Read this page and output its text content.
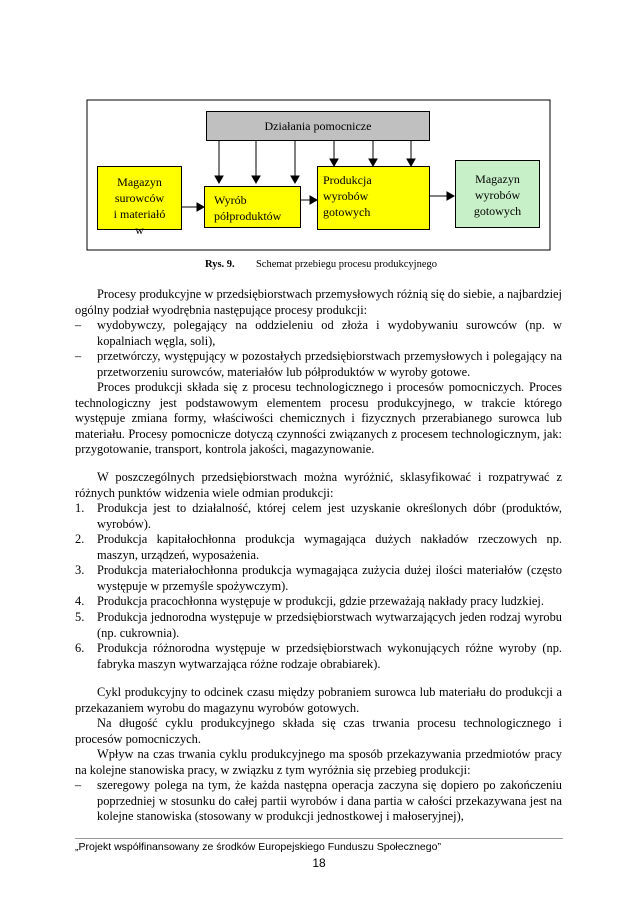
Działania pomocnicze
Magazyn
surowców
i materiałó
w
Wyrób
półproduktów
Produkcja
wyrobów
gotowych
Magazyn
wyrobów
gotowych
Rys. 9. Schemat przebiegu procesu produkcyjnego
Procesy produkcyjne w przedsiębiorstwach przemysłowych różnią się do siebie, a najbardziej ogólny podział wyodrębnia następujące procesy produkcji:
– wydobywczy, polegający na oddzieleniu od złoża i wydobywaniu surowców (np. w kopalniach węgla, soli),
– przetwórczy, występujący w pozostałych przedsiębiorstwach przemysłowych i polegający na przetworzeniu surowców, materiałów lub półproduktów w wyroby gotowe.
Proces produkcji składa się z procesu technologicznego i procesów pomocniczych. Proces technologiczny jest podstawowym elementem procesu produkcyjnego, w trakcie którego występuje zmiana formy, właściwości chemicznych i fizycznych przerabianego surowca lub materiału. Procesy pomocnicze dotyczą czynności związanych z procesem technologicznym, jak: przygotowanie, transport, kontrola jakości, magazynowanie.
W poszczególnych przedsiębiorstwach można wyróżnić, sklasyfikować i rozpatrywać z różnych punktów widzenia wiele odmian produkcji:
1. Produkcja jest to działalność, której celem jest uzyskanie określonych dóbr (produktów, wyrobów).
2. Produkcja kapitałochłonna produkcja wymagająca dużych nakładów rzeczowych np. maszyn, urządzeń, wyposażenia.
3. Produkcja materiałochłonna produkcja wymagająca zużycia dużej ilości materiałów (często występuje w przemyśle spożywczym).
4. Produkcja pracochłonna występuje w produkcji, gdzie przeważają nakłady pracy ludzkiej.
5. Produkcja jednorodna występuje w przedsiębiorstwach wytwarzających jeden rodzaj wyrobu (np. cukrownia).
6. Produkcja różnorodna występuje w przedsiębiorstwach wykonujących różne wyroby (np. fabryka maszyn wytwarzająca różne rodzaje obrabiarek).
Cykl produkcyjny to odcinek czasu między pobraniem surowca lub materiału do produkcji a przekazaniem wyrobu do magazynu wyrobów gotowych.
Na długość cyklu produkcyjnego składa się czas trwania procesu technologicznego i procesów pomocniczych.
Wpływ na czas trwania cyklu produkcyjnego ma sposób przekazywania przedmiotów pracy na kolejne stanowiska pracy, w związku z tym wyróżnia się przebieg produkcji:
– szeregowy polega na tym, że każda następna operacja zaczyna się dopiero po zakończeniu poprzedniej w stosunku do całej partii wyrobów i dana partia w całości przekazywana jest na kolejne stanowiska (stosowany w produkcji jednostkowej i małoseryjnej),
„Projekt współfinansowany ze środków Europejskiego Funduszu Społecznego”
18
